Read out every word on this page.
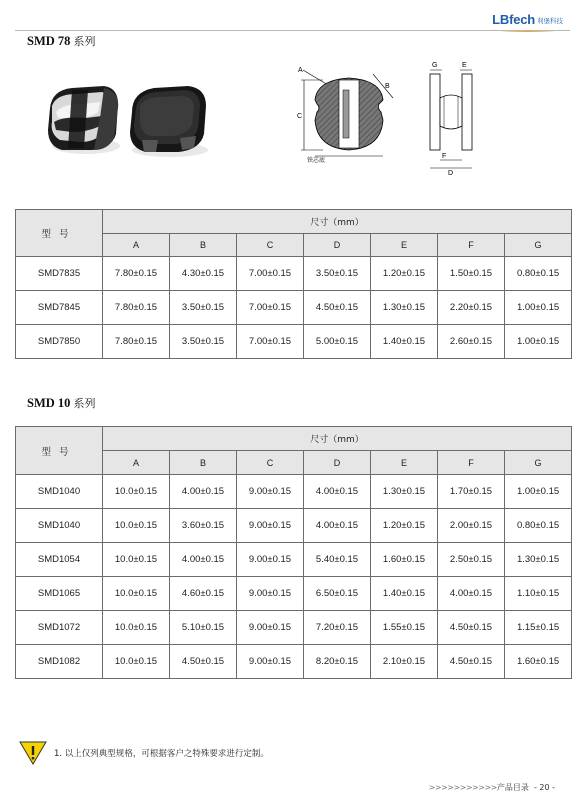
LBfech 利堡科技
SMD 78 系列
A
B
C
铁芯底
G	E
F
D
型号	尺寸（mm）						
	A	B	C	D	E	F	G
SMD7835	7.80±0.15	4.30±0.15	7.00±0.15	3.50±0.15	1.20±0.15	1.50±0.15	0.80±0.15
SMD7845	7.80±0.15	3.50±0.15	7.00±0.15	4.50±0.15	1.30±0.15	2.20±0.15	1.00±0.15
SMD7850	7.80±0.15	3.50±0.15	7.00±0.15	5.00±0.15	1.40±0.15	2.60±0.15	1.00±0.15
SMD 10 系列
型号	尺寸（mm）						
	A	B	C	D	E	F	G
SMD1040	10.0±0.15	4.00±0.15	9.00±0.15	4.00±0.15	1.30±0.15	1.70±0.15	1.00±0.15
SMD1040	10.0±0.15	3.60±0.15	9.00±0.15	4.00±0.15	1.20±0.15	2.00±0.15	0.80±0.15
SMD1054	10.0±0.15	4.00±0.15	9.00±0.15	5.40±0.15	1.60±0.15	2.50±0.15	1.30±0.15
SMD1065	10.0±0.15	4.60±0.15	9.00±0.15	6.50±0.15	1.40±0.15	4.00±0.15	1.10±0.15
SMD1072	10.0±0.15	5.10±0.15	9.00±0.15	7.20±0.15	1.55±0.15	4.50±0.15	1.15±0.15
SMD1082	10.0±0.15	4.50±0.15	9.00±0.15	8.20±0.15	2.10±0.15	4.50±0.15	1.60±0.15
1. 以上仅列典型规格，可根据客户之特殊要求进行定制。
>>>>>>>>>>>产品目录 - 20 -
